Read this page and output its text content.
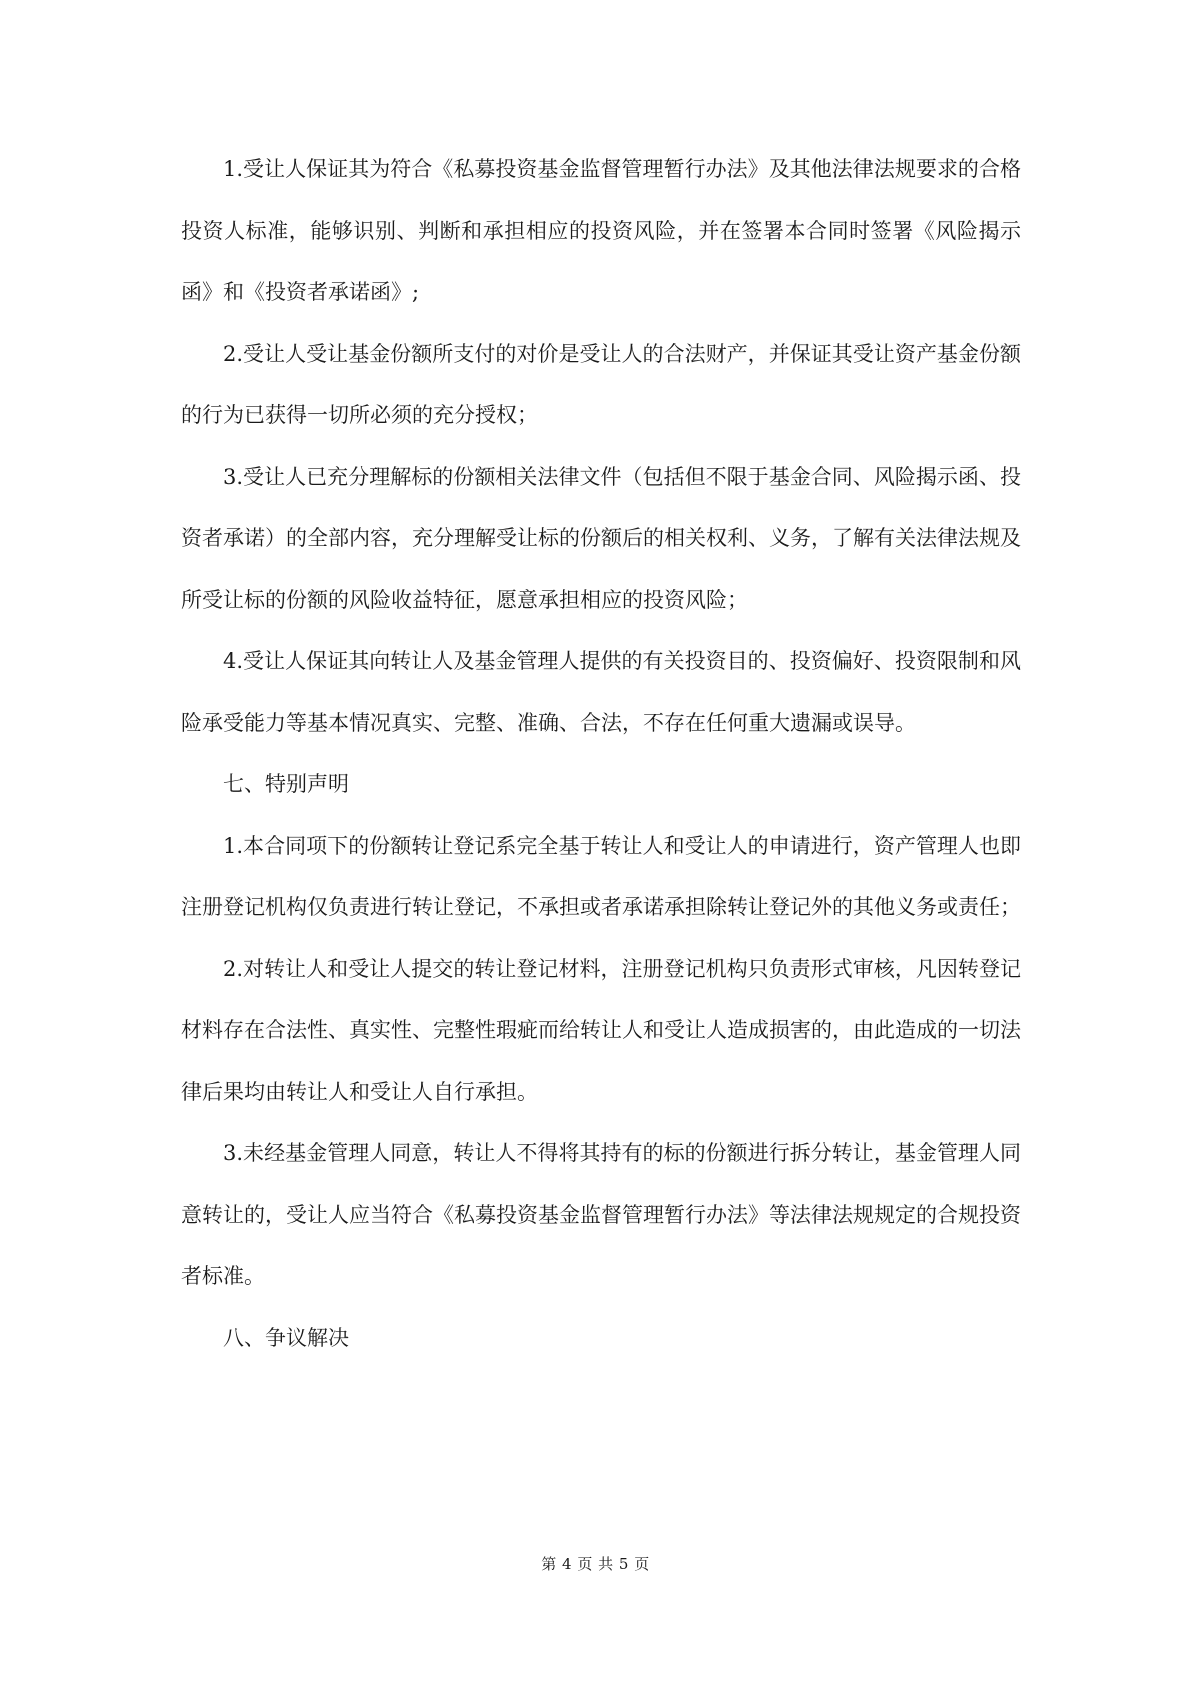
1.受让人保证其为符合《私募投资基金监督管理暂行办法》及其他法律法规要求的合格投资人标准，能够识别、判断和承担相应的投资风险，并在签署本合同时签署《风险揭示函》和《投资者承诺函》;

2.受让人受让基金份额所支付的对价是受让人的合法财产，并保证其受让资产基金份额的行为已获得一切所必须的充分授权；

3.受让人已充分理解标的份额相关法律文件（包括但不限于基金合同、风险揭示函、投资者承诺）的全部内容，充分理解受让标的份额后的相关权利、义务，了解有关法律法规及所受让标的份额的风险收益特征，愿意承担相应的投资风险；

4.受让人保证其向转让人及基金管理人提供的有关投资目的、投资偏好、投资限制和风险承受能力等基本情况真实、完整、准确、合法，不存在任何重大遗漏或误导。

七、特别声明

1.本合同项下的份额转让登记系完全基于转让人和受让人的申请进行，资产管理人也即注册登记机构仅负责进行转让登记，不承担或者承诺承担除转让登记外的其他义务或责任；

2.对转让人和受让人提交的转让登记材料，注册登记机构只负责形式审核，凡因转登记材料存在合法性、真实性、完整性瑕疵而给转让人和受让人造成损害的，由此造成的一切法律后果均由转让人和受让人自行承担。

3.未经基金管理人同意，转让人不得将其持有的标的份额进行拆分转让，基金管理人同意转让的，受让人应当符合《私募投资基金监督管理暂行办法》等法律法规规定的合规投资者标准。

八、争议解决

第 4 页 共 5 页
